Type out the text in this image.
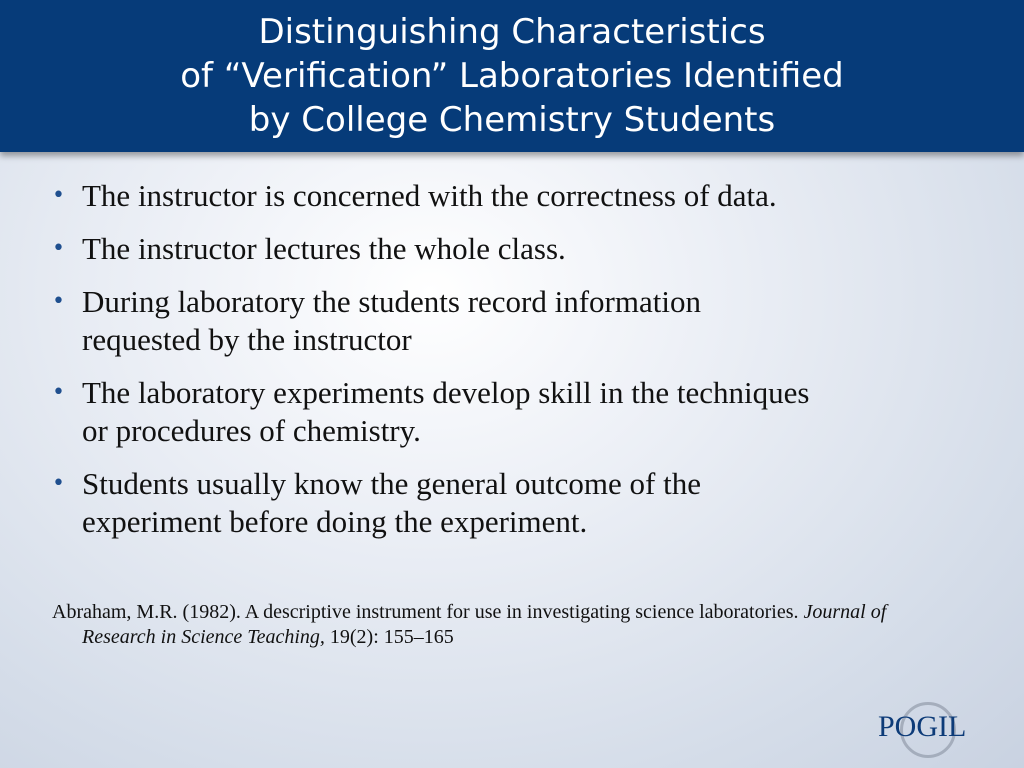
Distinguishing Characteristics
of “Verification” Laboratories Identified
by College Chemistry Students
• The instructor is concerned with the correctness of data.
• The instructor lectures the whole class.
• During laboratory the students record information
requested by the instructor
• The laboratory experiments develop skill in the techniques
or procedures of chemistry.
• Students usually know the general outcome of the
experiment before doing the experiment.
Abraham, M.R. (1982). A descriptive instrument for use in investigating science laboratories. Journal of Research in Science Teaching, 19(2): 155–165
POGIL
